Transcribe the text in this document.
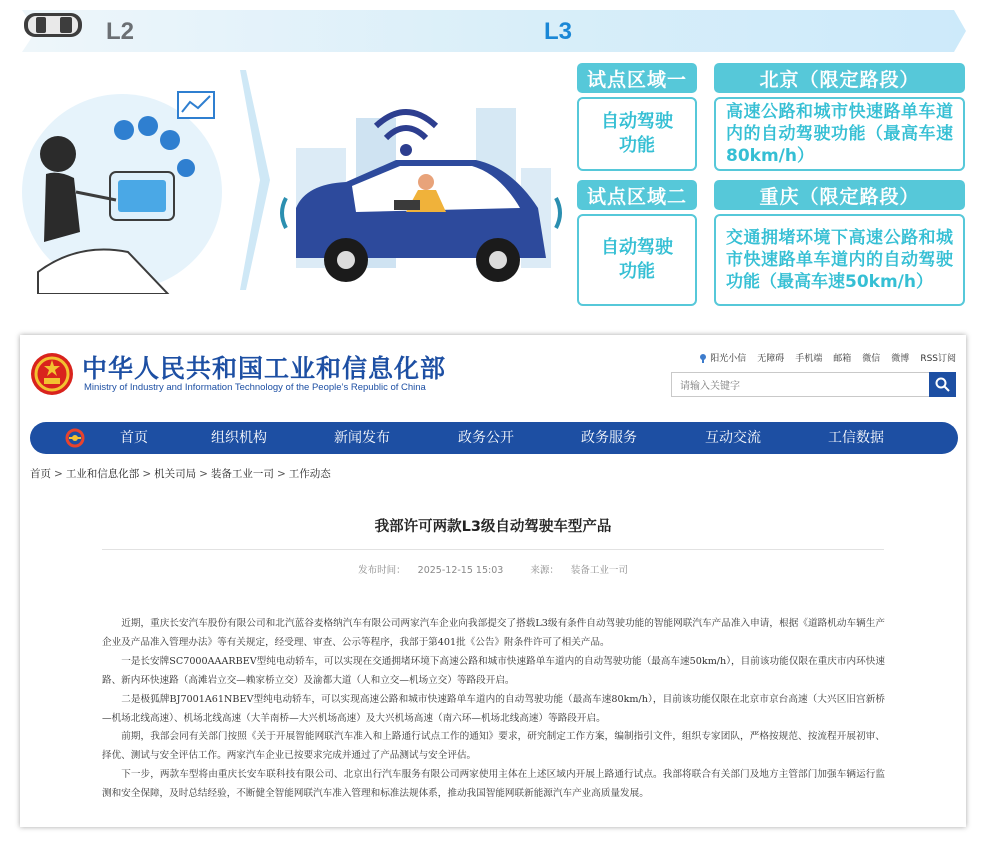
L2	L3
试点区域一	北京（限定路段）
自动驾驶功能
高速公路和城市快速路单车道内的自动驾驶功能（最高车速80km/h）
试点区域二	重庆（限定路段）
自动驾驶功能
交通拥堵环境下高速公路和城市快速路单车道内的自动驾驶功能（最高车速50km/h）
中华人民共和国工业和信息化部
Ministry of Industry and Information Technology of the People’s Republic of China
阳光小信 无障碍 手机端 邮箱 微信 微博 RSS订阅
请输入关键字
首页	组织机构	新闻发布	政务公开	政务服务	互动交流	工信数据
首页 > 工业和信息化部 > 机关司局 > 装备工业一司 > 工作动态
我部许可两款L3级自动驾驶车型产品
发布时间： 2025-12-15 15:03	来源： 装备工业一司

近期，重庆长安汽车股份有限公司和北汽蓝谷麦格纳汽车有限公司两家汽车企业向我部提交了搭载L3级有条件自动驾驶功能的智能网联汽车产品准入申请，根据《道路机动车辆生产企业及产品准入管理办法》等有关规定，经受理、审查、公示等程序，我部于第401批《公告》附条件许可了相关产品。

一是长安牌SC7000AAARBEV型纯电动轿车，可以实现在交通拥堵环境下高速公路和城市快速路单车道内的自动驾驶功能（最高车速50km/h），目前该功能仅限在重庆市内环快速路、新内环快速路（高滩岩立交—赖家桥立交）及渝都大道（人和立交—机场立交）等路段开启。

二是极狐牌BJ7001A61NBEV型纯电动轿车，可以实现高速公路和城市快速路单车道内的自动驾驶功能（最高车速80km/h），目前该功能仅限在北京市京台高速（大兴区旧宫新桥—机场北线高速）、机场北线高速（大羊南桥—大兴机场高速）及大兴机场高速（南六环—机场北线高速）等路段开启。

前期，我部会同有关部门按照《关于开展智能网联汽车准入和上路通行试点工作的通知》要求，研究制定工作方案，编制指引文件，组织专家团队，严格按规范、按流程开展初审、择优、测试与安全评估工作。两家汽车企业已按要求完成并通过了产品测试与安全评估。

下一步，两款车型将由重庆长安车联科技有限公司、北京出行汽车服务有限公司两家使用主体在上述区域内开展上路通行试点。我部将联合有关部门及地方主管部门加强车辆运行监测和安全保障，及时总结经验，不断健全智能网联汽车准入管理和标准法规体系，推动我国智能网联新能源汽车产业高质量发展。
